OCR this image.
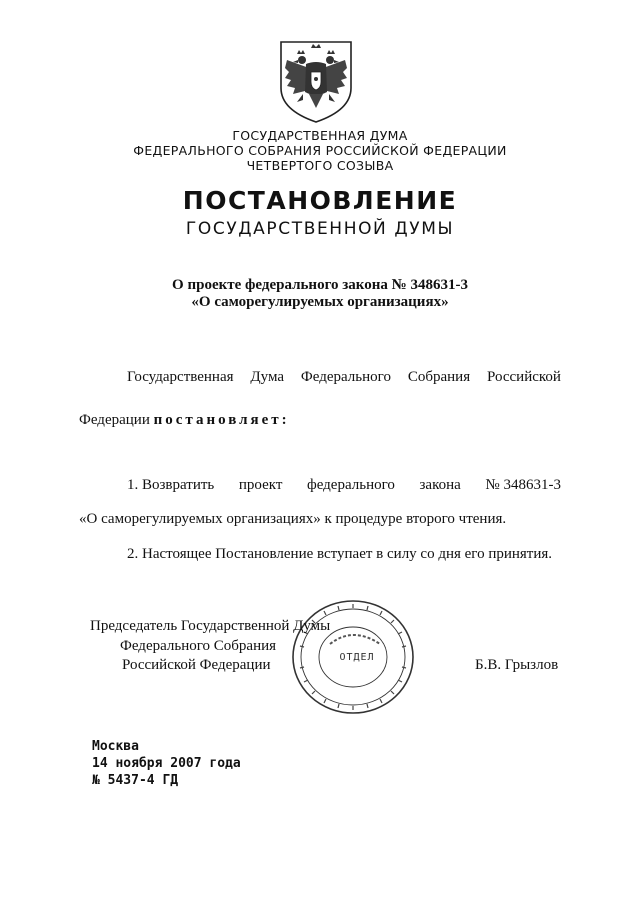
ГОСУДАРСТВЕННАЯ ДУМА
ФЕДЕРАЛЬНОГО СОБРАНИЯ РОССИЙСКОЙ ФЕДЕРАЦИИ
ЧЕТВЕРТОГО СОЗЫВА
ПОСТАНОВЛЕНИЕ
ГОСУДАРСТВЕННОЙ ДУМЫ
О проекте федерального закона № 348631-3
«О саморегулируемых организациях»
Государственная Дума Федерального Собрания Российской
Федерации постановляет:
1. Возвратить проект федерального закона № 348631-3
«О саморегулируемых организациях» к процедуре второго чтения.
2. Настоящее Постановление вступает в силу со дня его принятия.
ОТДЕЛ
Председатель Государственной Думы
Федерального Собрания
Российской Федерации	Б.В. Грызлов
Москва
14 ноября 2007 года
№ 5437-4 ГД
